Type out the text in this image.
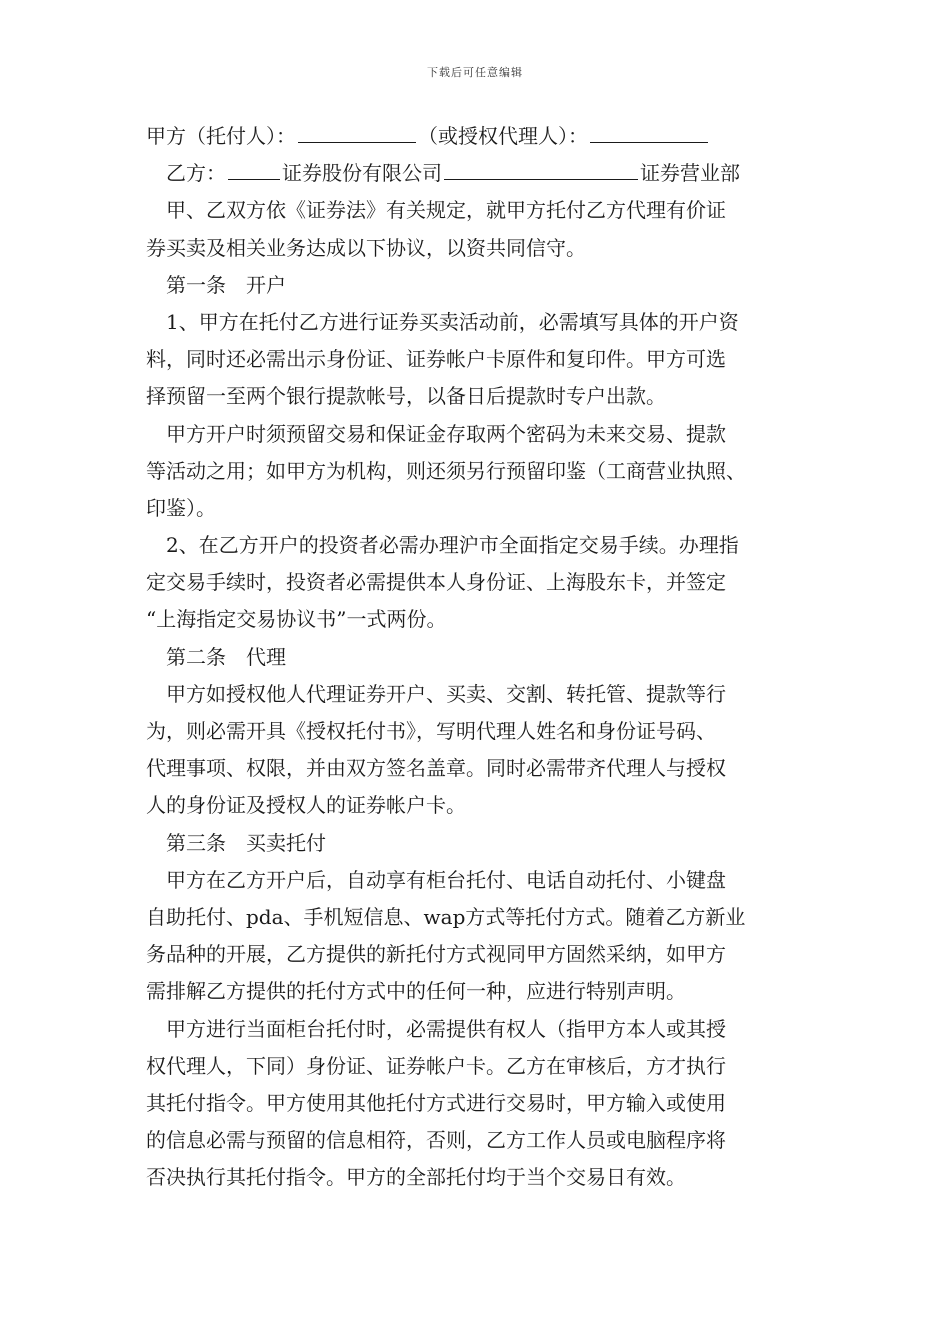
下载后可任意编辑
甲方（托付人）：	（或授权代理人）：
乙方：	证券股份有限公司	证券营业部
甲、乙双方依《证券法》有关规定，就甲方托付乙方代理有价证
券买卖及相关业务达成以下协议，以资共同信守。
第一条　开户
1、甲方在托付乙方进行证券买卖活动前，必需填写具体的开户资
料，同时还必需出示身份证、证券帐户卡原件和复印件。甲方可选
择预留一至两个银行提款帐号，以备日后提款时专户出款。
甲方开户时须预留交易和保证金存取两个密码为未来交易、提款
等活动之用；如甲方为机构，则还须另行预留印鉴（工商营业执照、
印鉴）。
2、在乙方开户的投资者必需办理沪市全面指定交易手续。办理指
定交易手续时，投资者必需提供本人身份证、上海股东卡，并签定
“上海指定交易协议书”一式两份。
第二条　代理
甲方如授权他人代理证券开户、买卖、交割、转托管、提款等行
为，则必需开具《授权托付书》，写明代理人姓名和身份证号码、
代理事项、权限，并由双方签名盖章。同时必需带齐代理人与授权
人的身份证及授权人的证券帐户卡。
第三条　买卖托付
甲方在乙方开户后，自动享有柜台托付、电话自动托付、小键盘
自助托付、pda、手机短信息、wap方式等托付方式。随着乙方新业
务品种的开展，乙方提供的新托付方式视同甲方固然采纳，如甲方
需排解乙方提供的托付方式中的任何一种，应进行特别声明。
甲方进行当面柜台托付时，必需提供有权人（指甲方本人或其授
权代理人，下同）身份证、证券帐户卡。乙方在审核后，方才执行
其托付指令。甲方使用其他托付方式进行交易时，甲方输入或使用
的信息必需与预留的信息相符，否则，乙方工作人员或电脑程序将
否决执行其托付指令。甲方的全部托付均于当个交易日有效。
